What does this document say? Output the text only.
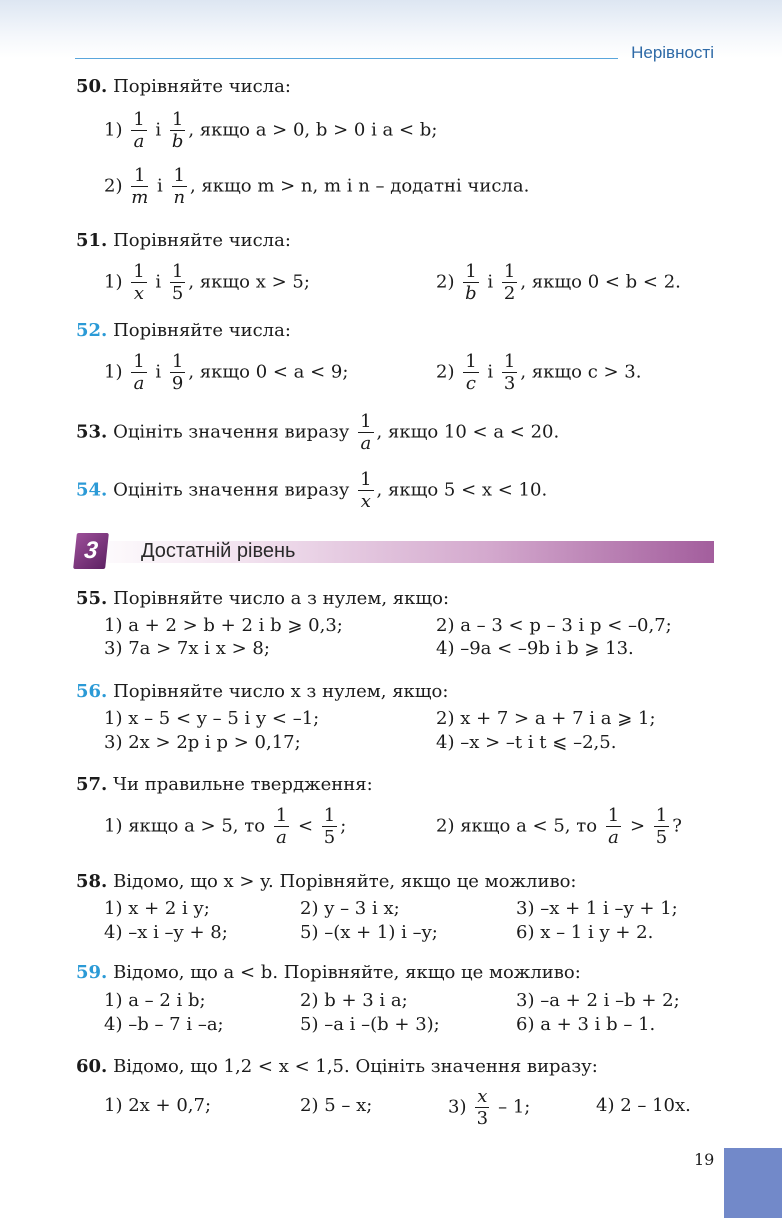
Нерівності
50. Порівняйте числа:
$1) \frac{1}{a}$ і $\frac{1}{b}$ , якщо a > 0, b > 0 і a < b;
$2) \frac{1}{m}$ і $\frac{1}{n}$ , якщо m > n, m і n – додатні числа.
51. Порівняйте числа:
$1) \frac{1}{x}$ і $\frac{1}{5}$ , якщо x > 5;	$2) \frac{1}{b}$ і $\frac{1}{2}$ , якщо 0 < b < 2.
52. Порівняйте числа:
$1) \frac{1}{a}$ і $\frac{1}{9}$ , якщо 0 < a < 9;	$2) \frac{1}{c}$ і $\frac{1}{3}$ , якщо c > 3.
53. Оцініть значення виразу $\frac{1}{a}$ , якщо 10 < a < 20.
54. Оцініть значення виразу $\frac{1}{x}$ , якщо 5 < x < 10.
3	Достатній рівень
55. Порівняйте число a з нулем, якщо:
1) a + 2 > b + 2 і b ⩾ 0,3;	2) a – 3 < p – 3 і p < –0,7;
3) 7a > 7x і x > 8;	4) –9a < –9b і b ⩾ 13.
56. Порівняйте число x з нулем, якщо:
1) x – 5 < y – 5 і y < –1;	2) x + 7 > a + 7 і a ⩾ 1;
3) 2x > 2p і p > 0,17;	4) –x > –t і t ⩽ –2,5.
57. Чи правильне твердження:
1) якщо a > 5, то $\frac{1}{a} < \frac{1}{5}$ ;	2) якщо a < 5, то $\frac{1}{a} > \frac{1}{5}$ ?
58. Відомо, що x > y. Порівняйте, якщо це можливо:
1) x + 2 і y;	2) y – 3 і x;	3) –x + 1 і –y + 1;
4) –x і –y + 8;	5) –(x + 1) і –y;	6) x – 1 і y + 2.
59. Відомо, що a < b. Порівняйте, якщо це можливо:
1) a – 2 і b;	2) b + 3 і a;	3) –a + 2 і –b + 2;
4) –b – 7 і –a;	5) –a і –(b + 3);	6) a + 3 і b – 1.
60. Відомо, що 1,2 < x < 1,5. Оцініть значення виразу:
1) 2x + 0,7;	2) 5 – x;	$3) \frac{x}{3} - 1$;	4) 2 – 10x.
19
